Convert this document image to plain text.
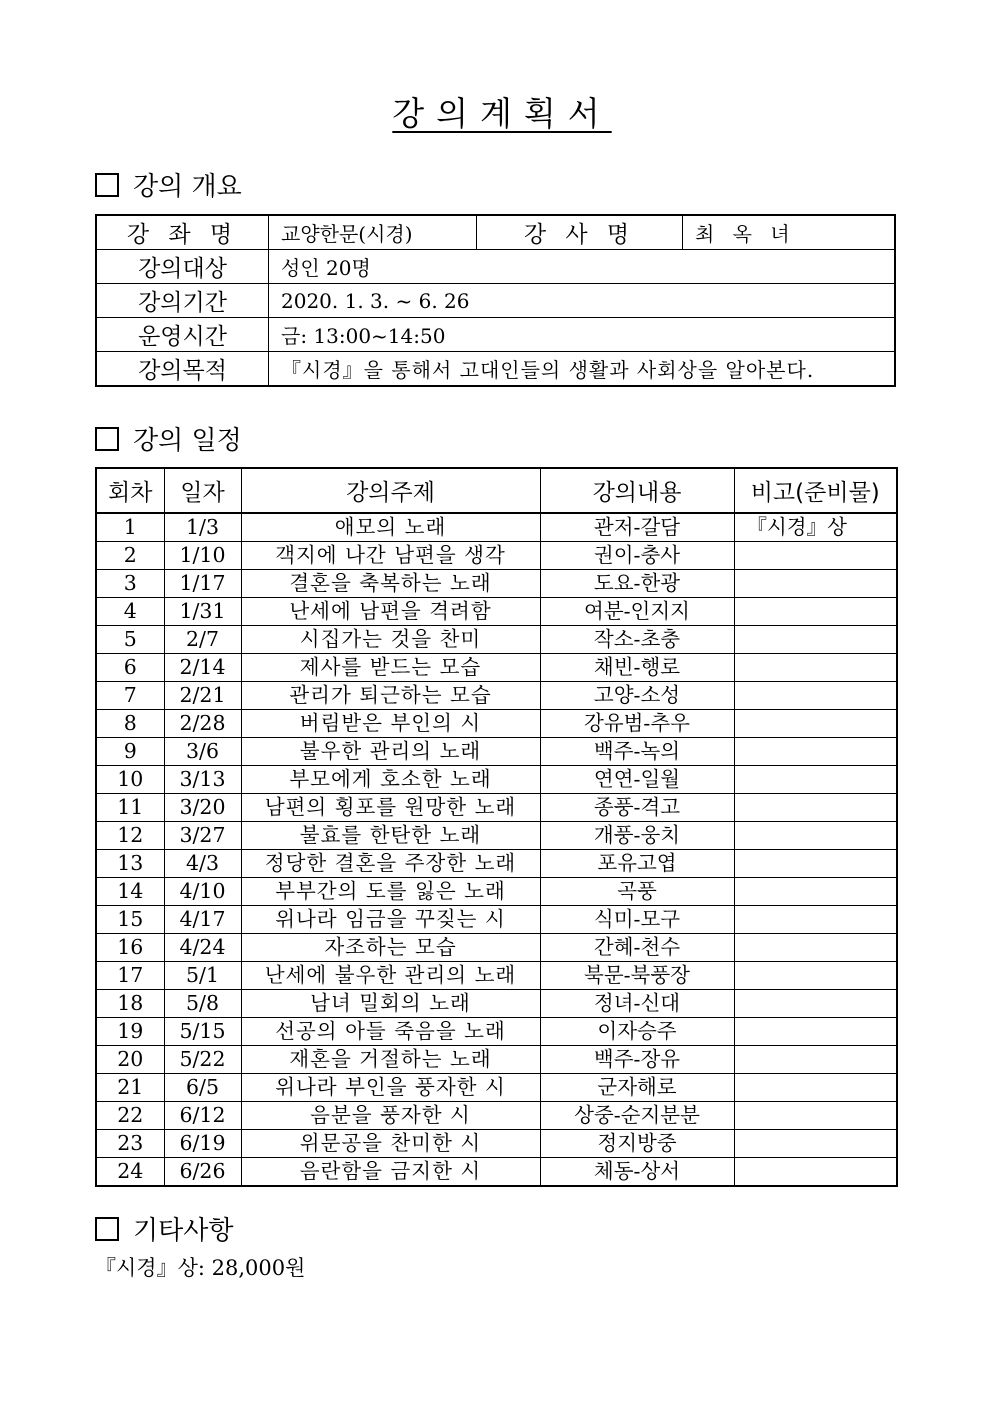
강의계획서
강의 개요
강 좌 명	교양한문(시경)	강 사 명	최 옥 녀
강의대상	성인 20명		
강의기간	2020. 1. 3. ~ 6. 26		
운영시간	금: 13:00~14:50		
강의목적	『시경』을 통해서 고대인들의 생활과 사회상을 알아본다.		
강의 일정
회차	일자	강의주제	강의내용	비고(준비물)
1	1/3	애모의 노래	관저-갈담	『시경』상
2	1/10	객지에 나간 남편을 생각	권이-충사	
3	1/17	결혼을 축복하는 노래	도요-한광	
4	1/31	난세에 남편을 격려함	여분-인지지	
5	2/7	시집가는 것을 찬미	작소-초충	
6	2/14	제사를 받드는 모습	채빈-행로	
7	2/21	관리가 퇴근하는 모습	고양-소성	
8	2/28	버림받은 부인의 시	강유범-추우	
9	3/6	불우한 관리의 노래	백주-녹의	
10	3/13	부모에게 호소한 노래	연연-일월	
11	3/20	남편의 횡포를 원망한 노래	종풍-격고	
12	3/27	불효를 한탄한 노래	개풍-웅치	
13	4/3	정당한 결혼을 주장한 노래	포유고엽	
14	4/10	부부간의 도를 잃은 노래	곡풍	
15	4/17	위나라 임금을 꾸짖는 시	식미-모구	
16	4/24	자조하는 모습	간혜-천수	
17	5/1	난세에 불우한 관리의 노래	북문-북풍장	
18	5/8	남녀 밀회의 노래	정녀-신대	
19	5/15	선공의 아들 죽음을 노래	이자승주	
20	5/22	재혼을 거절하는 노래	백주-장유	
21	6/5	위나라 부인을 풍자한 시	군자해로	
22	6/12	음분을 풍자한 시	상중-순지분분	
23	6/19	위문공을 찬미한 시	정지방중	
24	6/26	음란함을 금지한 시	체동-상서	
기타사항
『시경』상: 28,000원
